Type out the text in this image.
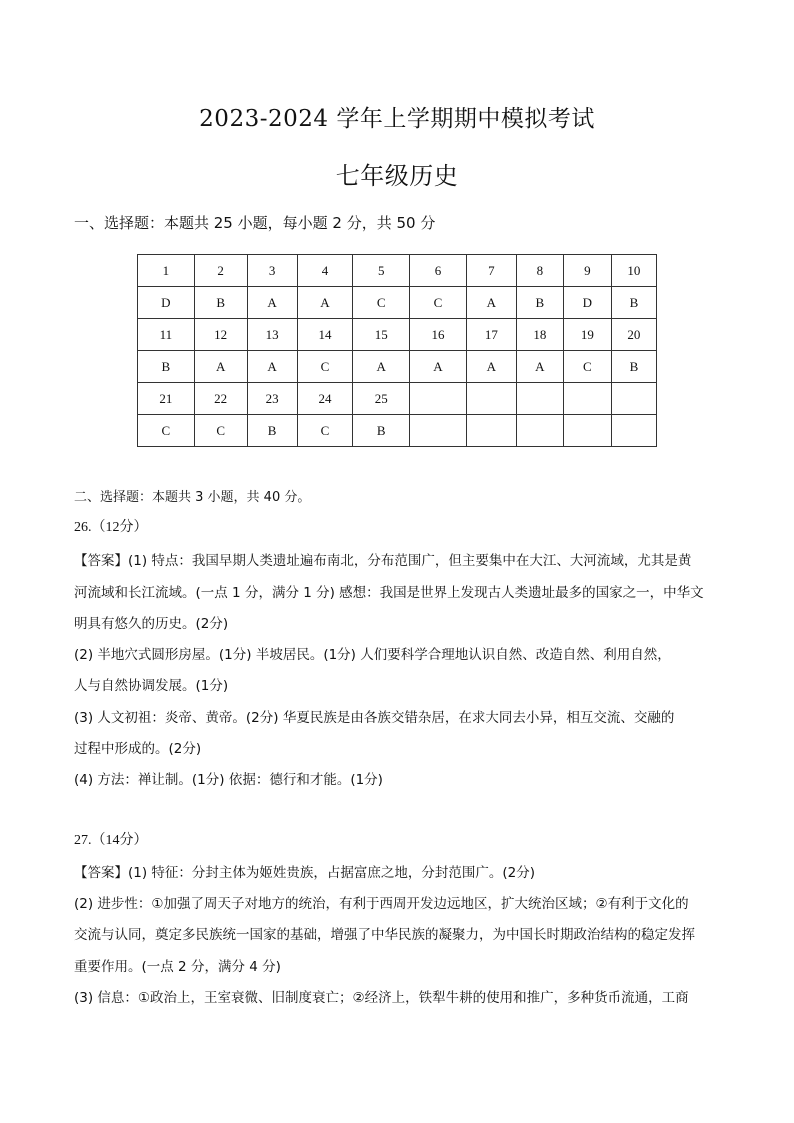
2023-2024 学年上学期期中模拟考试
七年级历史
一、选择题：本题共 25 小题，每小题 2 分，共 50 分
1	2	3	4	5	6	7	8	9	10
D	B	A	A	C	C	A	B	D	B
11	12	13	14	15	16	17	18	19	20
B	A	A	C	A	A	A	A	C	B
21	22	23	24	25					
C	C	B	C	B					
二、选择题：本题共 3 小题，共 40 分。
26.（12分）
【答案】(1) 特点：我国早期人类遗址遍布南北，分布范围广，但主要集中在大江、大河流域，尤其是黄
河流域和长江流域。(一点 1 分，满分 1 分) 感想：我国是世界上发现古人类遗址最多的国家之一，中华文
明具有悠久的历史。(2分)
(2) 半地穴式圆形房屋。(1分) 半坡居民。(1分) 人们要科学合理地认识自然、改造自然、利用自然，
人与自然协调发展。(1分)
(3) 人文初祖：炎帝、黄帝。(2分) 华夏民族是由各族交错杂居，在求大同去小异，相互交流、交融的
过程中形成的。(2分)
(4) 方法：禅让制。(1分) 依据：德行和才能。(1分)
27.（14分）
【答案】(1) 特征：分封主体为姬姓贵族，占据富庶之地，分封范围广。(2分)
(2) 进步性：①加强了周天子对地方的统治，有利于西周开发边远地区，扩大统治区域；②有利于文化的
交流与认同，奠定多民族统一国家的基础，增强了中华民族的凝聚力，为中国长时期政治结构的稳定发挥
重要作用。(一点 2 分，满分 4 分)
(3) 信息：①政治上，王室衰微、旧制度衰亡；②经济上，铁犁牛耕的使用和推广，多种货币流通，工商
